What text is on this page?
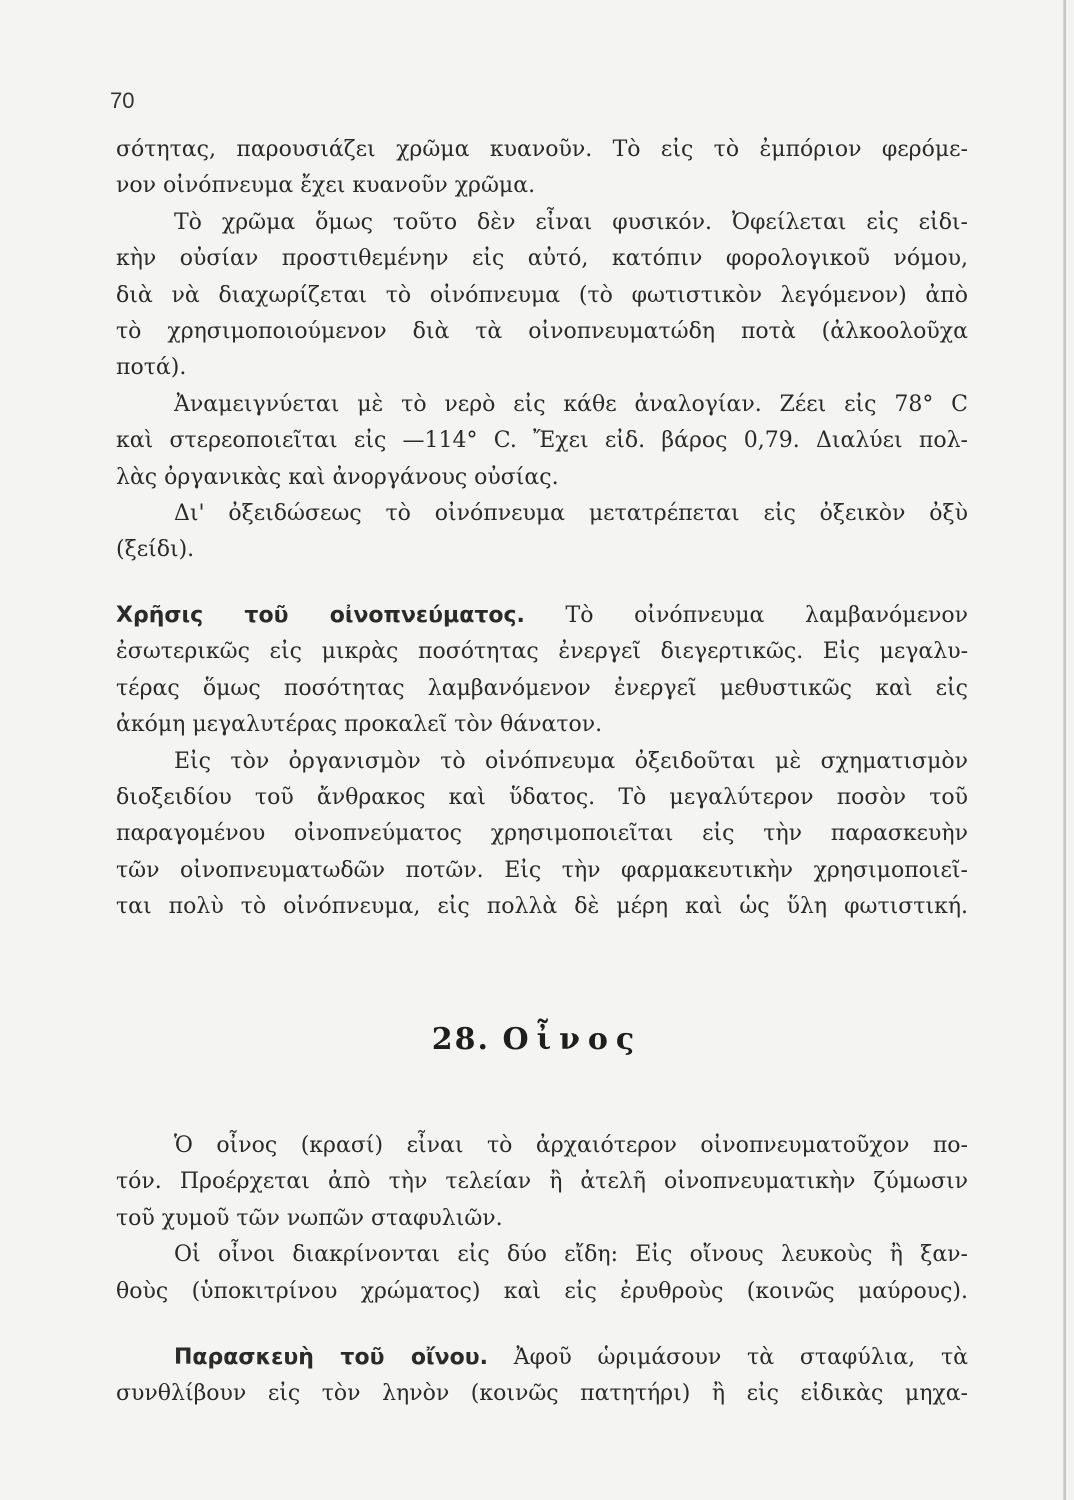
70
σότητας, παρουσιάζει χρῶμα κυανοῦν. Τὸ εἰς τὸ ἐμπόριον φερόμε-
νον οἰνόπνευμα ἔχει κυανοῦν χρῶμα.
Τὸ χρῶμα ὅμως τοῦτο δὲν εἶναι φυσικόν. Ὀφείλεται εἰς εἰδι-
κὴν οὐσίαν προστιθεμένην εἰς αὐτό, κατόπιν φορολογικοῦ νόμου,
διὰ νὰ διαχωρίζεται τὸ οἰνόπνευμα (τὸ φωτιστικὸν λεγόμενον) ἀπὸ
τὸ χρησιμοποιούμενον διὰ τὰ οἰνοπνευματώδη ποτὰ (ἀλκοολοῦχα
ποτά).
Ἀναμειγνύεται μὲ τὸ νερὸ εἰς κάθε ἀναλογίαν. Ζέει εἰς 78° C
καὶ στερεοποιεῖται εἰς —114° C. Ἔχει εἰδ. βάρος 0,79. Διαλύει πολ-
λὰς ὀργανικὰς καὶ ἀνοργάνους οὐσίας.
Δι' ὀξειδώσεως τὸ οἰνόπνευμα μετατρέπεται εἰς ὀξεικὸν ὀξὺ
(ξείδι).
Χρῆσις τοῦ οἰνοπνεύματος. Τὸ οἰνόπνευμα λαμβανόμενον
ἐσωτερικῶς εἰς μικρὰς ποσότητας ἐνεργεῖ διεγερτικῶς. Εἰς μεγαλυ-
τέρας ὅμως ποσότητας λαμβανόμενον ἐνεργεῖ μεθυστικῶς καὶ εἰς
ἀκόμη μεγαλυτέρας προκαλεῖ τὸν θάνατον.
Εἰς τὸν ὀργανισμὸν τὸ οἰνόπνευμα ὀξειδοῦται μὲ σχηματισμὸν
διοξειδίου τοῦ ἄνθρακος καὶ ὕδατος. Τὸ μεγαλύτερον ποσὸν τοῦ
παραγομένου οἰνοπνεύματος χρησιμοποιεῖται εἰς τὴν παρασκευὴν
τῶν οἰνοπνευματωδῶν ποτῶν. Εἰς τὴν φαρμακευτικὴν χρησιμοποιεῖ-
ται πολὺ τὸ οἰνόπνευμα, εἰς πολλὰ δὲ μέρη καὶ ὡς ὕλη φωτιστική.
28. Οἶνος
Ὁ οἶνος (κρασί) εἶναι τὸ ἀρχαιότερον οἰνοπνευματοῦχον πο-
τόν. Προέρχεται ἀπὸ τὴν τελείαν ἢ ἀτελῆ οἰνοπνευματικὴν ζύμωσιν
τοῦ χυμοῦ τῶν νωπῶν σταφυλιῶν.
Οἱ οἶνοι διακρίνονται εἰς δύο εἴδη: Εἰς οἴνους λευκοὺς ἢ ξαν-
θοὺς (ὑποκιτρίνου χρώματος) καὶ εἰς ἐρυθροὺς (κοινῶς μαύρους).
Παρασκευὴ τοῦ οἴνου. Ἀφοῦ ὡριμάσουν τὰ σταφύλια, τὰ
συνθλίβουν εἰς τὸν ληνὸν (κοινῶς πατητήρι) ἢ εἰς εἰδικὰς μηχα-
